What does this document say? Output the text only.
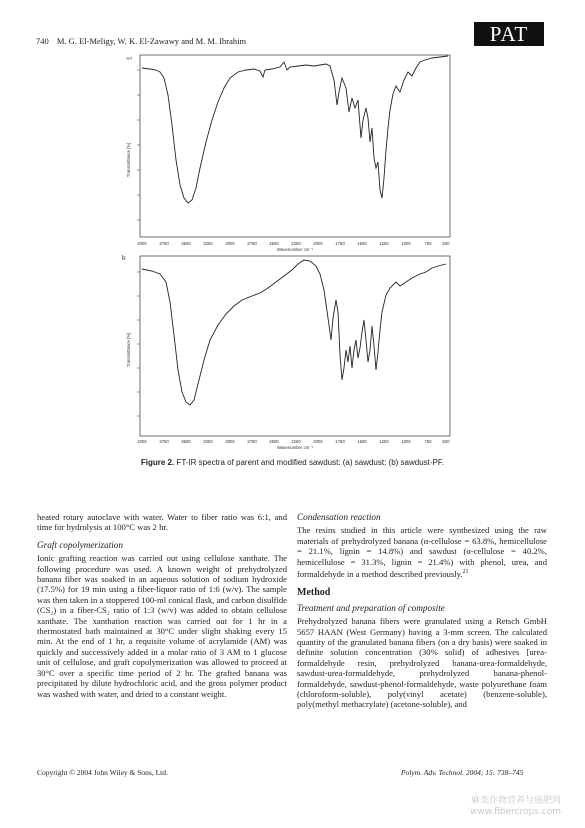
740 M. G. El-Meligy, W. K. El-Zawawy and M. M. Ibrahim	PAT
%T
4000	3750	3500	3250	3000	2750	2500	2250	2000	1750	1500	1250	1000	750	500
Wavenumber cm⁻¹
Transmittance [%]
b
4000	3750	3500	3250	3000	2750	2500	2250	2000	1750	1500	1250	1000	750	500
Wavenumber cm⁻¹
Transmittance [%]
Figure 2. FT-IR spectra of parent and modified sawdust: (a) sawdust; (b) sawdust-PF.

heated rotary autoclave with water. Water to fiber ratio was 6:1, and time for hydrolysis at 100°C was 2 hr.

Graft copolymerization

Ionic grafting reaction was carried out using cellulose xanthate. The following procedure was used. A known weight of prehydrolyzed banana fiber was soaked in an aqueous solution of sodium hydroxide (17.5%) for 19 min using a fiber-liquor ratio of 1:6 (w/v). The sample was then taken in a stoppered 100-ml conical flask, and carbon disulfide (CS₂) in a fiber-CS₂ ratio of 1:3 (w/v) was added to obtain cellulose xanthate. The xanthation reaction was carried out for 1 hr in a thermostated bath maintained at 30°C under slight shaking every 15 min. At the end of 1 hr, a requisite volume of acrylamide (AM) was quickly and successively added in a molar ratio of 3 AM to 1 glucose unit of cellulose, and graft copolymerization was allowed to proceed at 30°C over a specific time period of 2 hr. The grafted banana was precipitated by dilute hydrochloric acid, and the gross polymer product was washed with water, and dried to a constant weight.

Condensation reaction

The resins studied in this article were synthesized using the raw materials of prehydrolyzed banana (α-cellulose = 63.8%, hemicellulose = 21.1%, lignin = 14.8%) and sawdust (α-cellulose = 40.2%, hemicellulose = 31.3%, lignin = 21.4%) with phenol, urea, and formaldehyde in a method described previously.$^{21}$

Method
Treatment and preparation of composite

Prehydrolyzed banana fibers were granulated using a Retsch GmbH 5657 HAAN (West Germany) having a 3-mm screen. The calculated quantity of the granulated banana fibers (on a dry basis) were soaked in definite solution concentration (30% solid) of adhesives [urea-formaldehyde resin, prehydrolyzed banana-urea-formaldehyde, sawdust-urea-formaldehyde, prehydrolyzed banana-phenol-formaldehyde, sawdust-phenol-formaldehyde, waste polyurethane foam (chloroform-soluble), poly(vinyl acetate) (benzene-soluble), poly(methyl methacrylate) (acetone-soluble), and

Copyright © 2004 John Wiley & Sons, Ltd.	Polym. Adv. Technol. 2004; 15: 738–745
麻类作物营养与施肥网
www.fibercrops.com
